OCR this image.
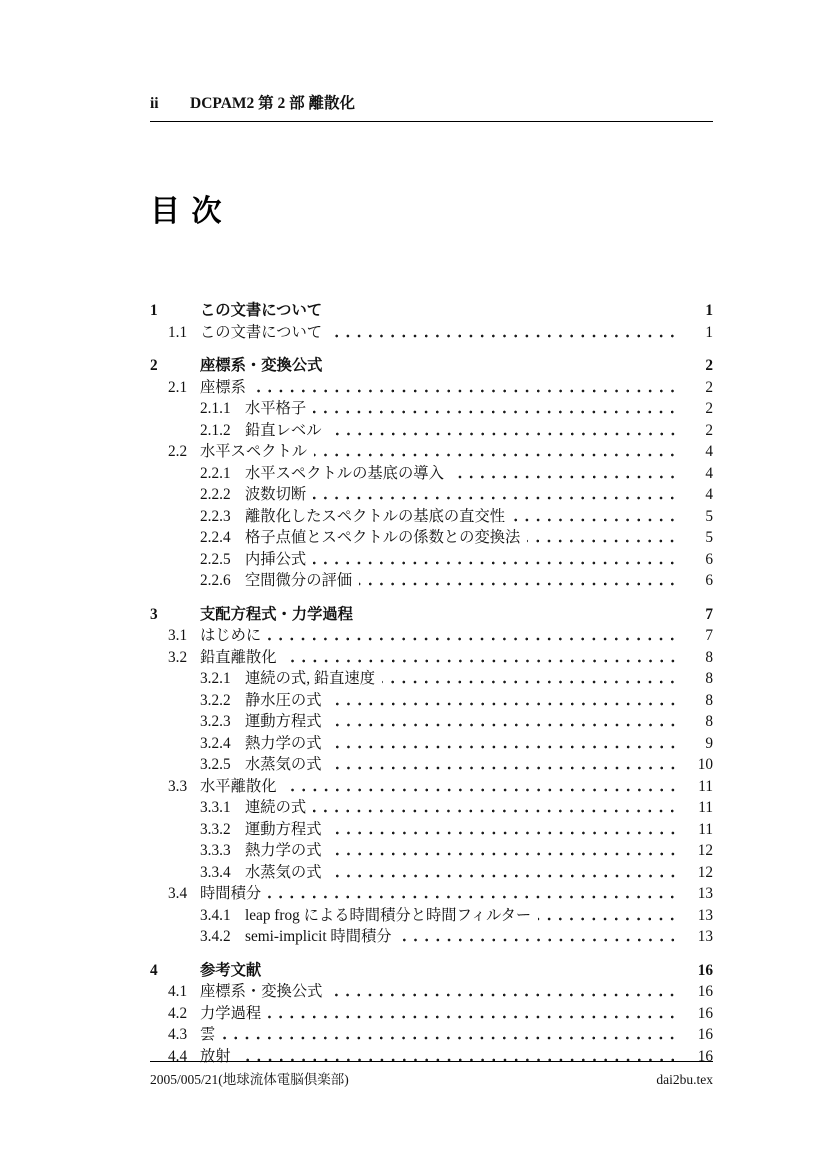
ii	DCPAM2 第 2 部 離散化
目 次
1	この文書について	1
1.1 この文書について	1
2	座標系・変換公式	2
2.1 座標系	2
2.1.1 水平格子	2
2.1.2 鉛直レベル	2
2.2 水平スペクトル	4
2.2.1 水平スペクトルの基底の導入	4
2.2.2 波数切断	4
2.2.3 離散化したスペクトルの基底の直交性	5
2.2.4 格子点値とスペクトルの係数との変換法	5
2.2.5 内挿公式	6
2.2.6 空間微分の評価	6
3	支配方程式・力学過程	7
3.1 はじめに	7
3.2 鉛直離散化	8
3.2.1 連続の式, 鉛直速度	8
3.2.2 静水圧の式	8
3.2.3 運動方程式	8
3.2.4 熱力学の式	9
3.2.5 水蒸気の式	10
3.3 水平離散化	11
3.3.1 連続の式	11
3.3.2 運動方程式	11
3.3.3 熱力学の式	12
3.3.4 水蒸気の式	12
3.4 時間積分	13
3.4.1 leap frog による時間積分と時間フィルター	13
3.4.2 semi-implicit 時間積分	13
4	参考文献	16
4.1 座標系・変換公式	16
4.2 力学過程	16
4.3 雲	16
4.4 放射	16
2005/005/21(地球流体電脳倶楽部)	dai2bu.tex
